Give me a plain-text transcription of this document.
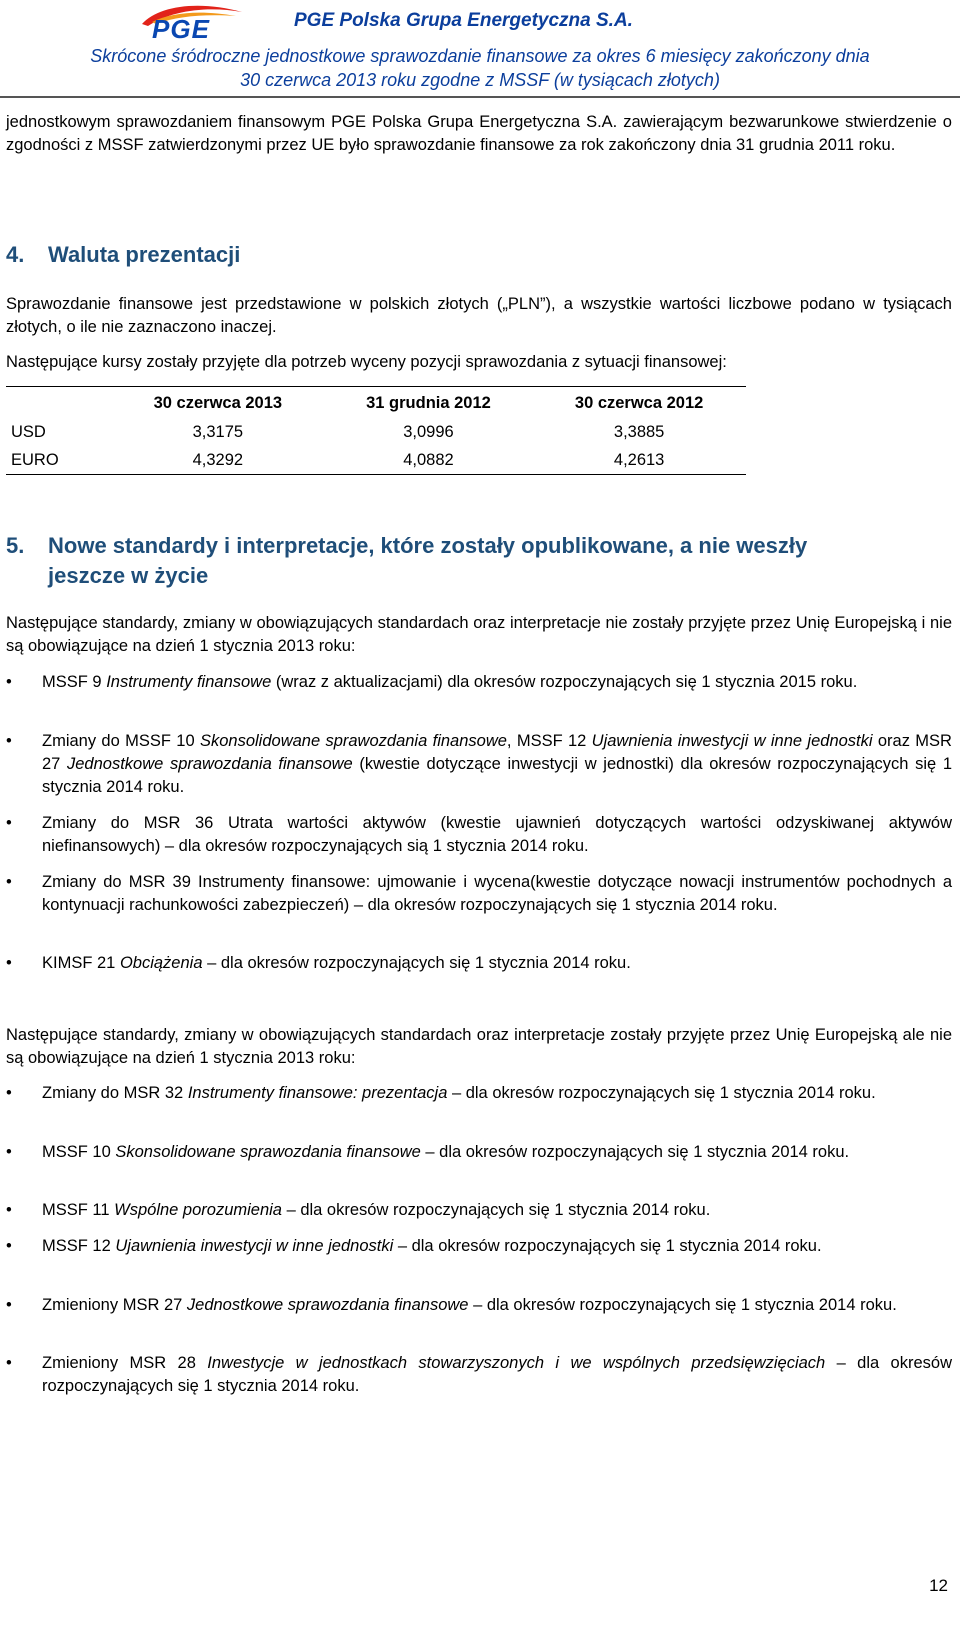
PGE	PGE Polska Grupa Energetyczna S.A.
Skrócone śródroczne jednostkowe sprawozdanie finansowe za okres 6 miesięcy zakończony dnia
30 czerwca 2013 roku zgodne z MSSF (w tysiącach złotych)

jednostkowym sprawozdaniem finansowym PGE Polska Grupa Energetyczna S.A. zawierającym bezwarunkowe stwierdzenie o zgodności z MSSF zatwierdzonymi przez UE było sprawozdanie finansowe za rok zakończony dnia 31 grudnia 2011 roku.

4. Waluta prezentacji

Sprawozdanie finansowe jest przedstawione w polskich złotych („PLN”), a wszystkie wartości liczbowe podano w tysiącach złotych, o ile nie zaznaczono inaczej.

Następujące kursy zostały przyjęte dla potrzeb wyceny pozycji sprawozdania z sytuacji finansowej:

	30 czerwca 2013	31 grudnia 2012	30 czerwca 2012
USD	3,3175	3,0996	3,3885
EURO	4,3292	4,0882	4,2613
5. Nowe standardy i interpretacje, które zostały opublikowane, a nie weszły
jeszcze w życie

Następujące standardy, zmiany w obowiązujących standardach oraz interpretacje nie zostały przyjęte przez Unię Europejską i nie są obowiązujące na dzień 1 stycznia 2013 roku:

• MSSF 9 Instrumenty finansowe (wraz z aktualizacjami) dla okresów rozpoczynających się 1 stycznia 2015 roku.
• Zmiany do MSSF 10 Skonsolidowane sprawozdania finansowe, MSSF 12 Ujawnienia inwestycji w inne jednostki oraz MSR 27 Jednostkowe sprawozdania finansowe (kwestie dotyczące inwestycji w jednostki) dla okresów rozpoczynających się 1 stycznia 2014 roku.
• Zmiany do MSR 36 Utrata wartości aktywów (kwestie ujawnień dotyczących wartości odzyskiwanej aktywów niefinansowych) – dla okresów rozpoczynających sią 1 stycznia 2014 roku.
• Zmiany do MSR 39 Instrumenty finansowe: ujmowanie i wycena(kwestie dotyczące nowacji instrumentów pochodnych a kontynuacji rachunkowości zabezpieczeń) – dla okresów rozpoczynających się 1 stycznia 2014 roku.
• KIMSF 21 Obciążenia – dla okresów rozpoczynających się 1 stycznia 2014 roku.

Następujące standardy, zmiany w obowiązujących standardach oraz interpretacje zostały przyjęte przez Unię Europejską ale nie są obowiązujące na dzień 1 stycznia 2013 roku:

• Zmiany do MSR 32 Instrumenty finansowe: prezentacja – dla okresów rozpoczynających się 1 stycznia 2014 roku.
• MSSF 10 Skonsolidowane sprawozdania finansowe – dla okresów rozpoczynających się 1 stycznia 2014 roku.
• MSSF 11 Wspólne porozumienia – dla okresów rozpoczynających się 1 stycznia 2014 roku.
• MSSF 12 Ujawnienia inwestycji w inne jednostki – dla okresów rozpoczynających się 1 stycznia 2014 roku.
• Zmieniony MSR 27 Jednostkowe sprawozdania finansowe – dla okresów rozpoczynających się 1 stycznia 2014 roku.
• Zmieniony MSR 28 Inwestycje w jednostkach stowarzyszonych i we wspólnych przedsięwzięciach – dla okresów rozpoczynających się 1 stycznia 2014 roku.
12
